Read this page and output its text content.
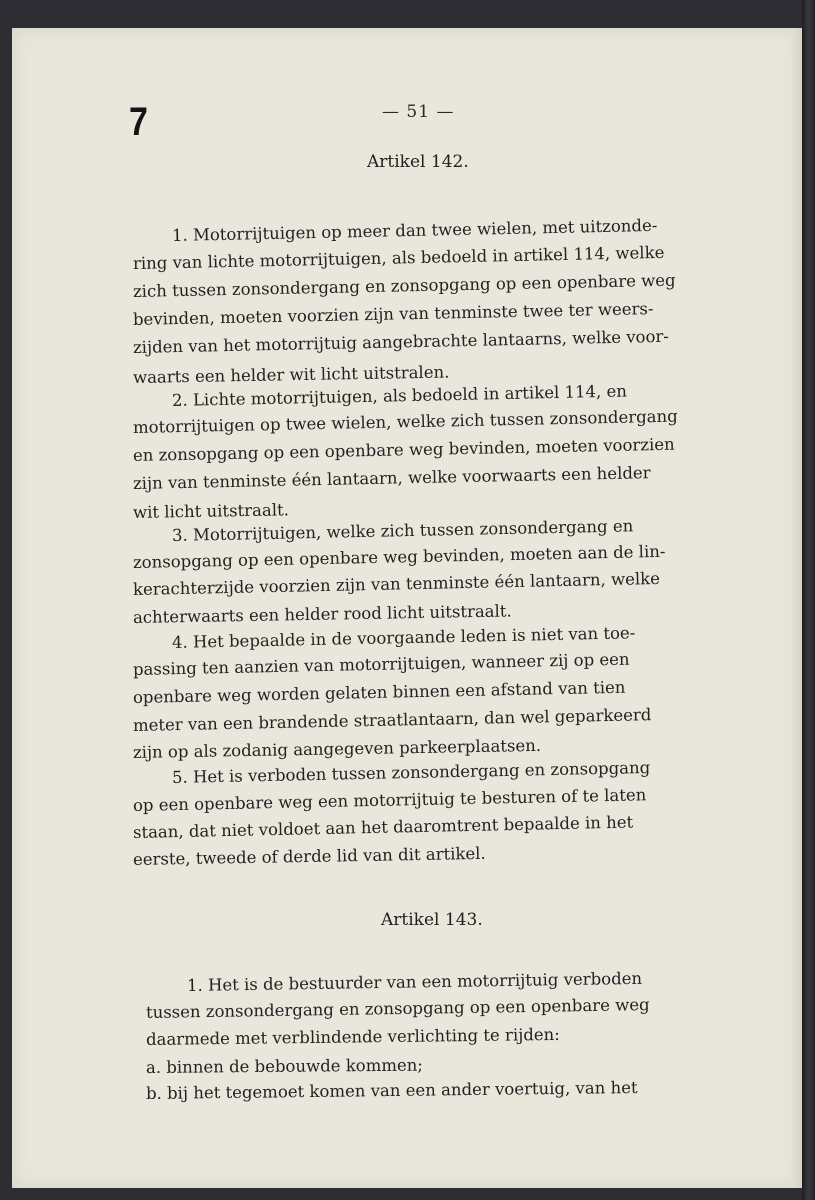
7	— 51 —
Artikel 142.
1. Motorrijtuigen op meer dan twee wielen, met uitzonde-
ring van lichte motorrijtuigen, als bedoeld in artikel 114, welke
zich tussen zonsondergang en zonsopgang op een openbare weg
bevinden, moeten voorzien zijn van tenminste twee ter weers-
zijden van het motorrijtuig aangebrachte lantaarns, welke voor-
waarts een helder wit licht uitstralen.
2. Lichte motorrijtuigen, als bedoeld in artikel 114, en
motorrijtuigen op twee wielen, welke zich tussen zonsondergang
en zonsopgang op een openbare weg bevinden, moeten voorzien
zijn van tenminste één lantaarn, welke voorwaarts een helder
wit licht uitstraalt.
3. Motorrijtuigen, welke zich tussen zonsondergang en
zonsopgang op een openbare weg bevinden, moeten aan de lin-
kerachterzijde voorzien zijn van tenminste één lantaarn, welke
achterwaarts een helder rood licht uitstraalt.
4. Het bepaalde in de voorgaande leden is niet van toe-
passing ten aanzien van motorrijtuigen, wanneer zij op een
openbare weg worden gelaten binnen een afstand van tien
meter van een brandende straatlantaarn, dan wel geparkeerd
zijn op als zodanig aangegeven parkeerplaatsen.
5. Het is verboden tussen zonsondergang en zonsopgang
op een openbare weg een motorrijtuig te besturen of te laten
staan, dat niet voldoet aan het daaromtrent bepaalde in het
eerste, tweede of derde lid van dit artikel.
Artikel 143.
1. Het is de bestuurder van een motorrijtuig verboden
tussen zonsondergang en zonsopgang op een openbare weg
daarmede met verblindende verlichting te rijden:
a. binnen de bebouwde kommen;
b. bij het tegemoet komen van een ander voertuig, van het
